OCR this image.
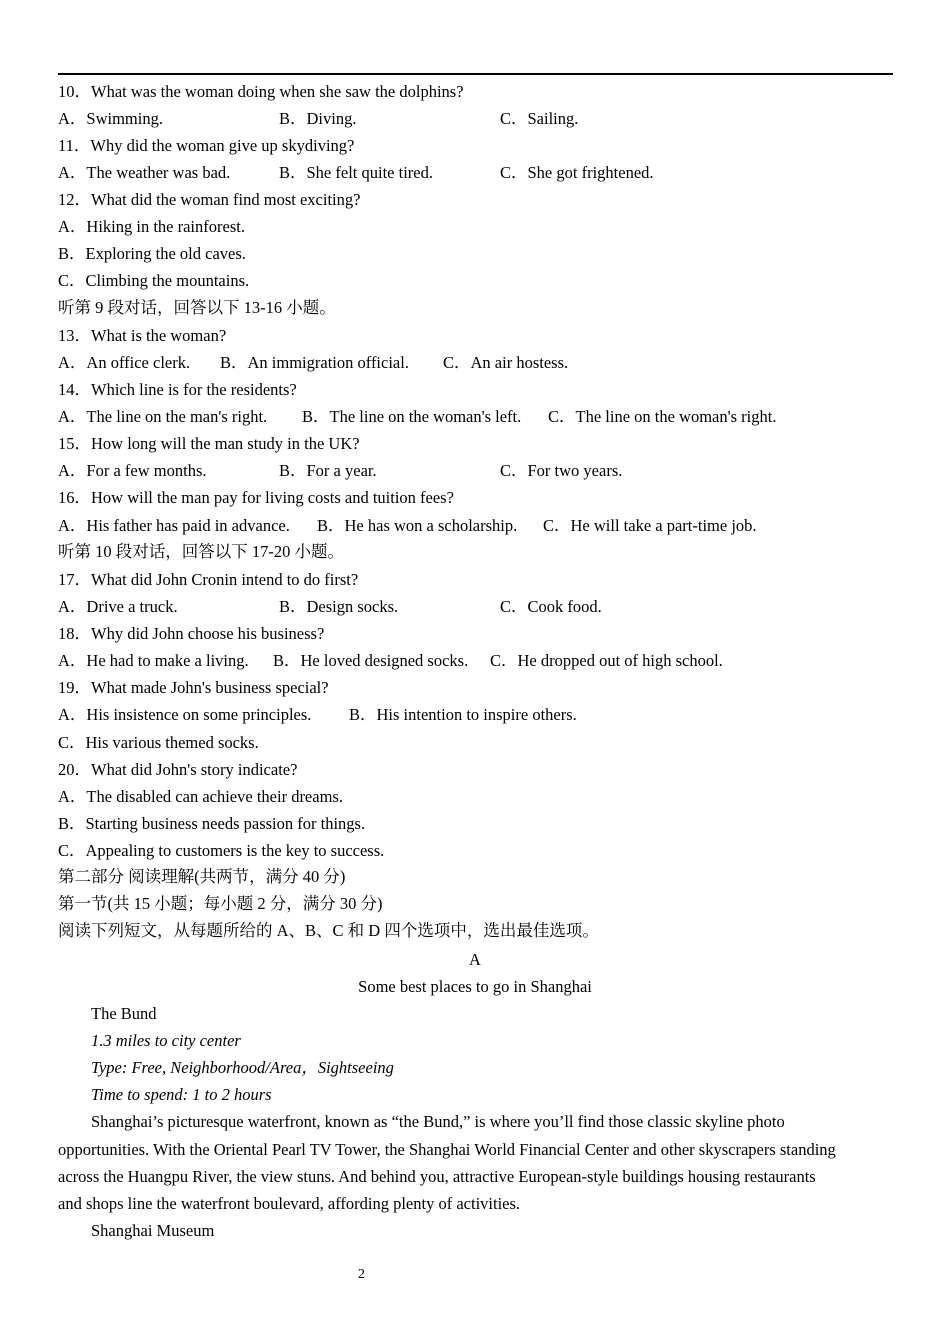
10．What was the woman doing when she saw the dolphins?
A．Swimming.	B．Diving.	C．Sailing.
11．Why did the woman give up skydiving?
A．The weather was bad.	B．She felt quite tired.	C．She got frightened.
12．What did the woman find most exciting?
A．Hiking in the rainforest.
B．Exploring the old caves.
C．Climbing the mountains.
听第 9 段对话，回答以下 13-16 小题。
13．What is the woman?
A．An office clerk. B．An immigration official. C．An air hostess.
14．Which line is for the residents?
A．The line on the man's right. B．The line on the woman's left. C．The line on the woman's right.
15．How long will the man study in the UK?
A．For a few months.	B．For a year.	C．For two years.
16．How will the man pay for living costs and tuition fees?
A．His father has paid in advance. B．He has won a scholarship. C．He will take a part-time job.
听第 10 段对话，回答以下 17-20 小题。
17．What did John Cronin intend to do first?
A．Drive a truck.	B．Design socks.	C．Cook food.
18．Why did John choose his business?
A．He had to make a living. B．He loved designed socks. C．He dropped out of high school.
19．What made John's business special?
A．His insistence on some principles. B．His intention to inspire others.
C．His various themed socks.
20．What did John's story indicate?
A．The disabled can achieve their dreams.
B．Starting business needs passion for things.
C．Appealing to customers is the key to success.
第二部分 阅读理解(共两节，满分 40 分)
第一节(共 15 小题；每小题 2 分，满分 30 分)
阅读下列短文，从每题所给的 A、B、C 和 D 四个选项中，选出最佳选项。
A
Some best places to go in Shanghai
The Bund
1.3 miles to city center
Type: Free, Neighborhood/Area，Sightseeing
Time to spend: 1 to 2 hours
Shanghai’s picturesque waterfront, known as “the Bund,” is where you’ll find those classic skyline photo
opportunities. With the Oriental Pearl TV Tower, the Shanghai World Financial Center and other skyscrapers standing
across the Huangpu River, the view stuns. And behind you, attractive European-style buildings housing restaurants
and shops line the waterfront boulevard, affording plenty of activities.
Shanghai Museum
2
